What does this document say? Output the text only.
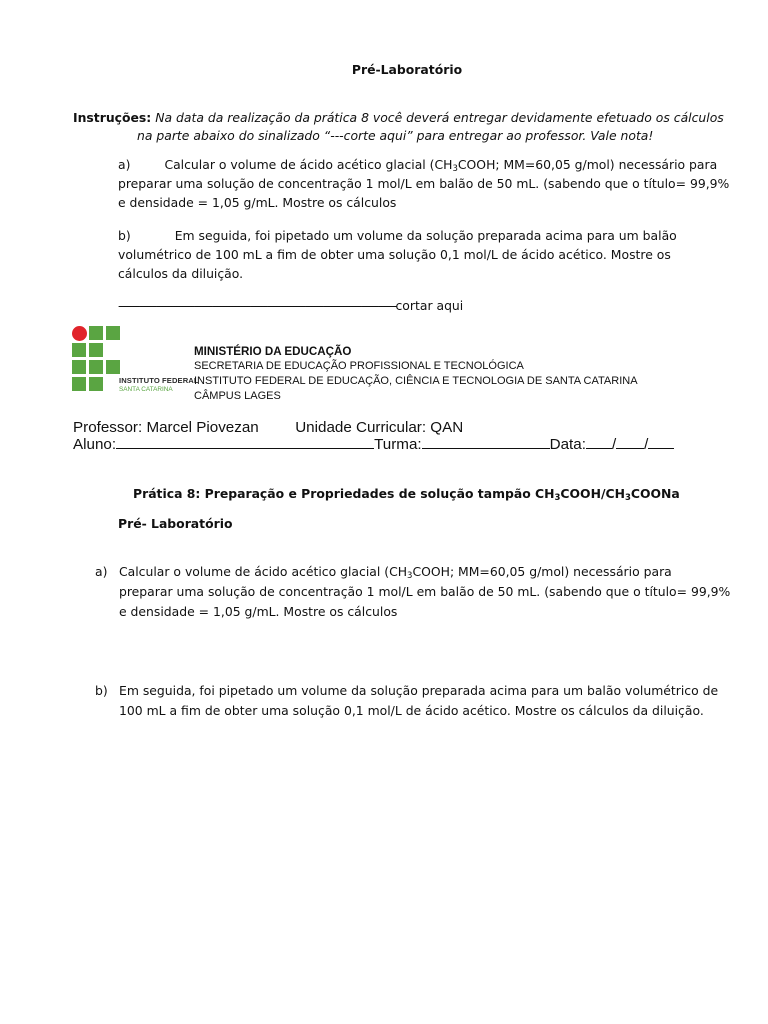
Pré-Laboratório
Instruções: Na data da realização da prática 8 você deverá entregar devidamente efetuado os cálculos
na parte abaixo do sinalizado “---corte aqui” para entregar ao professor. Vale nota!
a)	Calcular o volume de ácido acético glacial ($CH_3COOH$; MM=60,05 g/mol) necessário para
preparar uma solução de concentração 1 mol/L em balão de 50 mL. (sabendo que o título= 99,9%
e densidade = 1,05 g/mL. Mostre os cálculos
b)	Em seguida, foi pipetado um volume da solução preparada acima para um balão
volumétrico de 100 mL a fim de obter uma solução 0,1 mol/L de ácido acético. Mostre os
cálculos da diluição.
-----------------------------------------------------------------------------------------------cortar aqui
INSTITUTO FEDERAL
SANTA CATARINA
MINISTÉRIO DA EDUCAÇÃO
SECRETARIA DE EDUCAÇÃO PROFISSIONAL E TECNOLÓGICA
INSTITUTO FEDERAL DE EDUCAÇÃO, CIÊNCIA E TECNOLOGIA DE SANTA CATARINA
CÂMPUS LAGES
Professor: Marcel Piovezan Unidade Curricular: QAN
Aluno:	Turma:	Data: / /
Prática 8: Preparação e Propriedades de solução tampão $CH_3COOH/CH_3COONa$
Pré- Laboratório
a) Calcular o volume de ácido acético glacial ($CH_3COOH$; MM=60,05 g/mol) necessário para
preparar uma solução de concentração 1 mol/L em balão de 50 mL. (sabendo que o título= 99,9%
e densidade = 1,05 g/mL. Mostre os cálculos
b) Em seguida, foi pipetado um volume da solução preparada acima para um balão volumétrico de
100 mL a fim de obter uma solução 0,1 mol/L de ácido acético. Mostre os cálculos da diluição.
